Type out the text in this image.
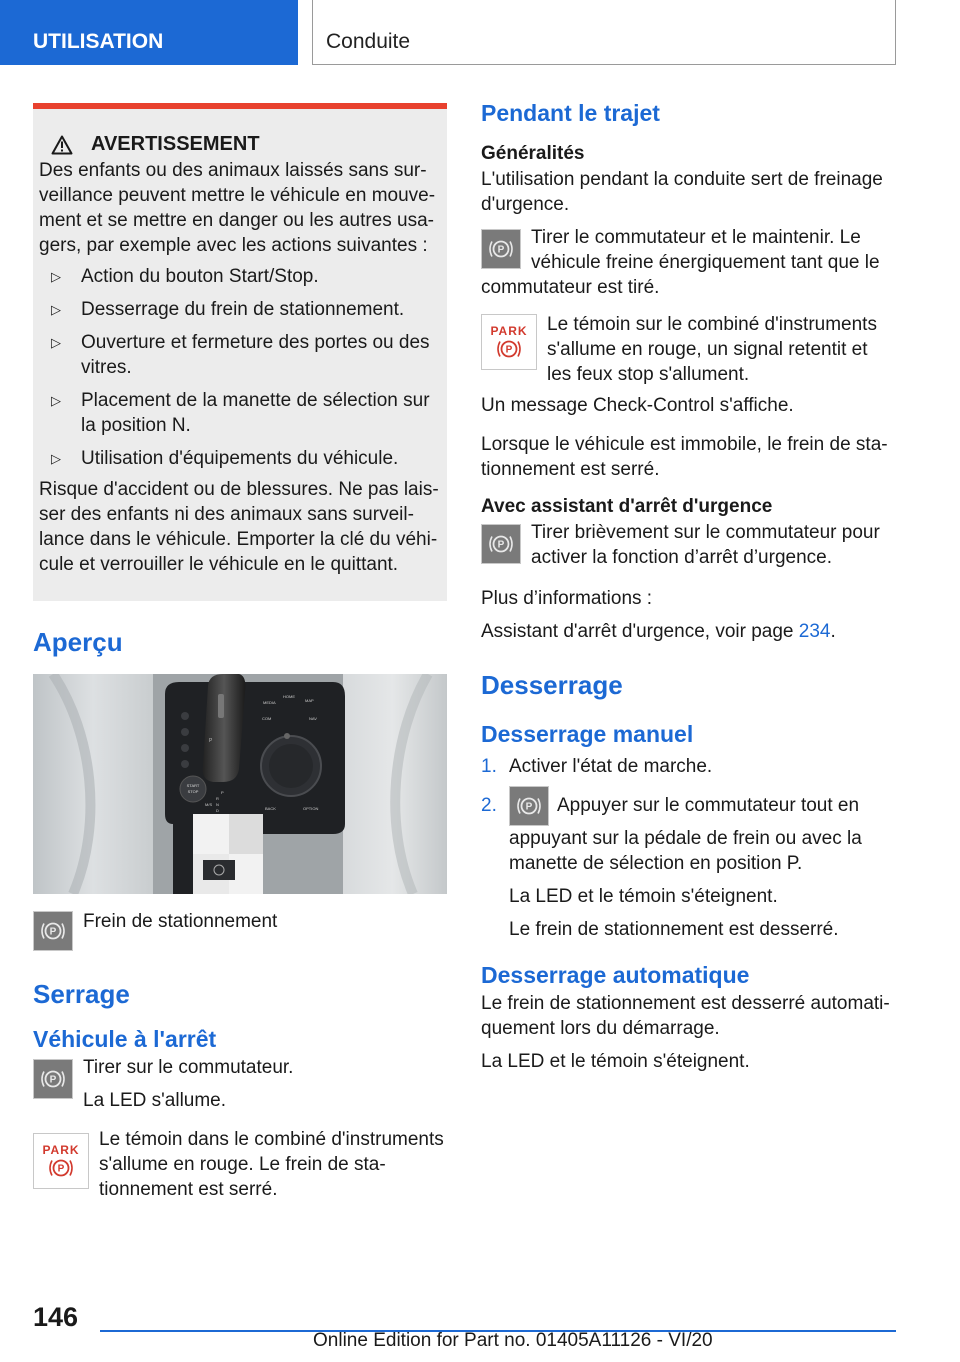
UTILISATION	Conduite
AVERTISSEMENT

Des enfants ou des animaux laissés sans surveillance peuvent mettre le véhicule en mouvement et se mettre en danger ou les autres usagers, par exemple avec les actions suivantes :

▷	Action du bouton Start/Stop.
▷	Desserrage du frein de stationnement.
▷	Ouverture et fermeture des portes ou des vitres.
▷	Placement de la manette de sélection sur la position N.
▷	Utilisation d'équipements du véhicule.

Risque d'accident ou de blessures. Ne pas laisser des enfants ni des animaux sans surveillance dans le véhicule. Emporter la clé du véhicule et verrouiller le véhicule en le quittant.

Aperçu
P
START
STOP
MEDIA
HOME
MAP
COM	NAV
BACK	OPTION
P
R
N
D
M/S
P Frein de stationnement
Serrage
Véhicule à l'arrêt
P

Tirer sur le commutateur.

La LED s'allume.

PARK
P

Le témoin dans le combiné d'instruments s'allume en rouge. Le frein de stationnement est serré.

Pendant le trajet
Généralités

L'utilisation pendant la conduite sert de freinage d'urgence.

P

Tirer le commutateur et le maintenir. Le véhicule freine énergiquement tant que le commutateur est tiré.

PARK
P

Le témoin sur le combiné d'instruments s'allume en rouge, un signal retentit et les feux stop s'allument.

Un message Check-Control s'affiche.

Lorsque le véhicule est immobile, le frein de stationnement est serré.

Avec assistant d'arrêt d'urgence
P

Tirer brièvement sur le commutateur pour activer la fonction d’arrêt d’urgence.

Plus d’informations :

Assistant d'arrêt d'urgence, voir page 234.

Desserrage
Desserrage manuel
1. Activer l'état de marche.
2.	P Appuyer sur le commutateur tout en appuyant sur la pédale de frein ou avec la manette de sélection en position P.

La LED et le témoin s'éteignent.

Le frein de stationnement est desserré.

Desserrage automatique

Le frein de stationnement est desserré automatiquement lors du démarrage.

La LED et le témoin s'éteignent.

146
Online Edition for Part no. 01405A11126 - VI/20
